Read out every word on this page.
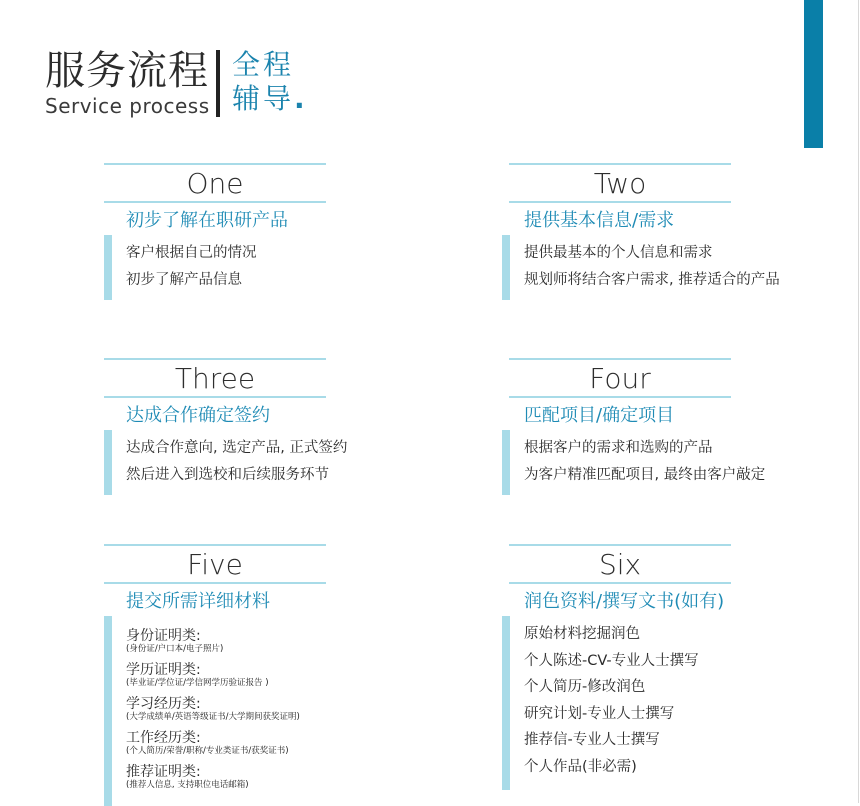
服务流程
Service process
全程
辅导.
One
初步了解在职研产品
客户根据自己的情况
初步了解产品信息
Two
提供基本信息/需求
提供最基本的个人信息和需求
规划师将结合客户需求, 推荐适合的产品
Three
达成合作确定签约
达成合作意向, 选定产品, 正式签约
然后进入到选校和后续服务环节
Four
匹配项目/确定项目
根据客户的需求和选购的产品
为客户精准匹配项目, 最终由客户敲定
Five
提交所需详细材料
身份证明类:
(身份证/户口本/电子照片)
学历证明类:
(毕业证/学位证/学信网学历验证报告 )
学习经历类:
(大学成绩单/英语等级证书/大学期间获奖证明)
工作经历类:
(个人简历/荣誉/职称/专业类证书/获奖证书)
推荐证明类:
(推荐人信息, 支持职位电话邮箱)
Six
润色资料/撰写文书(如有)
原始材料挖掘润色
个人陈述-CV-专业人士撰写
个人简历-修改润色
研究计划-专业人士撰写
推荐信-专业人士撰写
个人作品(非必需)
